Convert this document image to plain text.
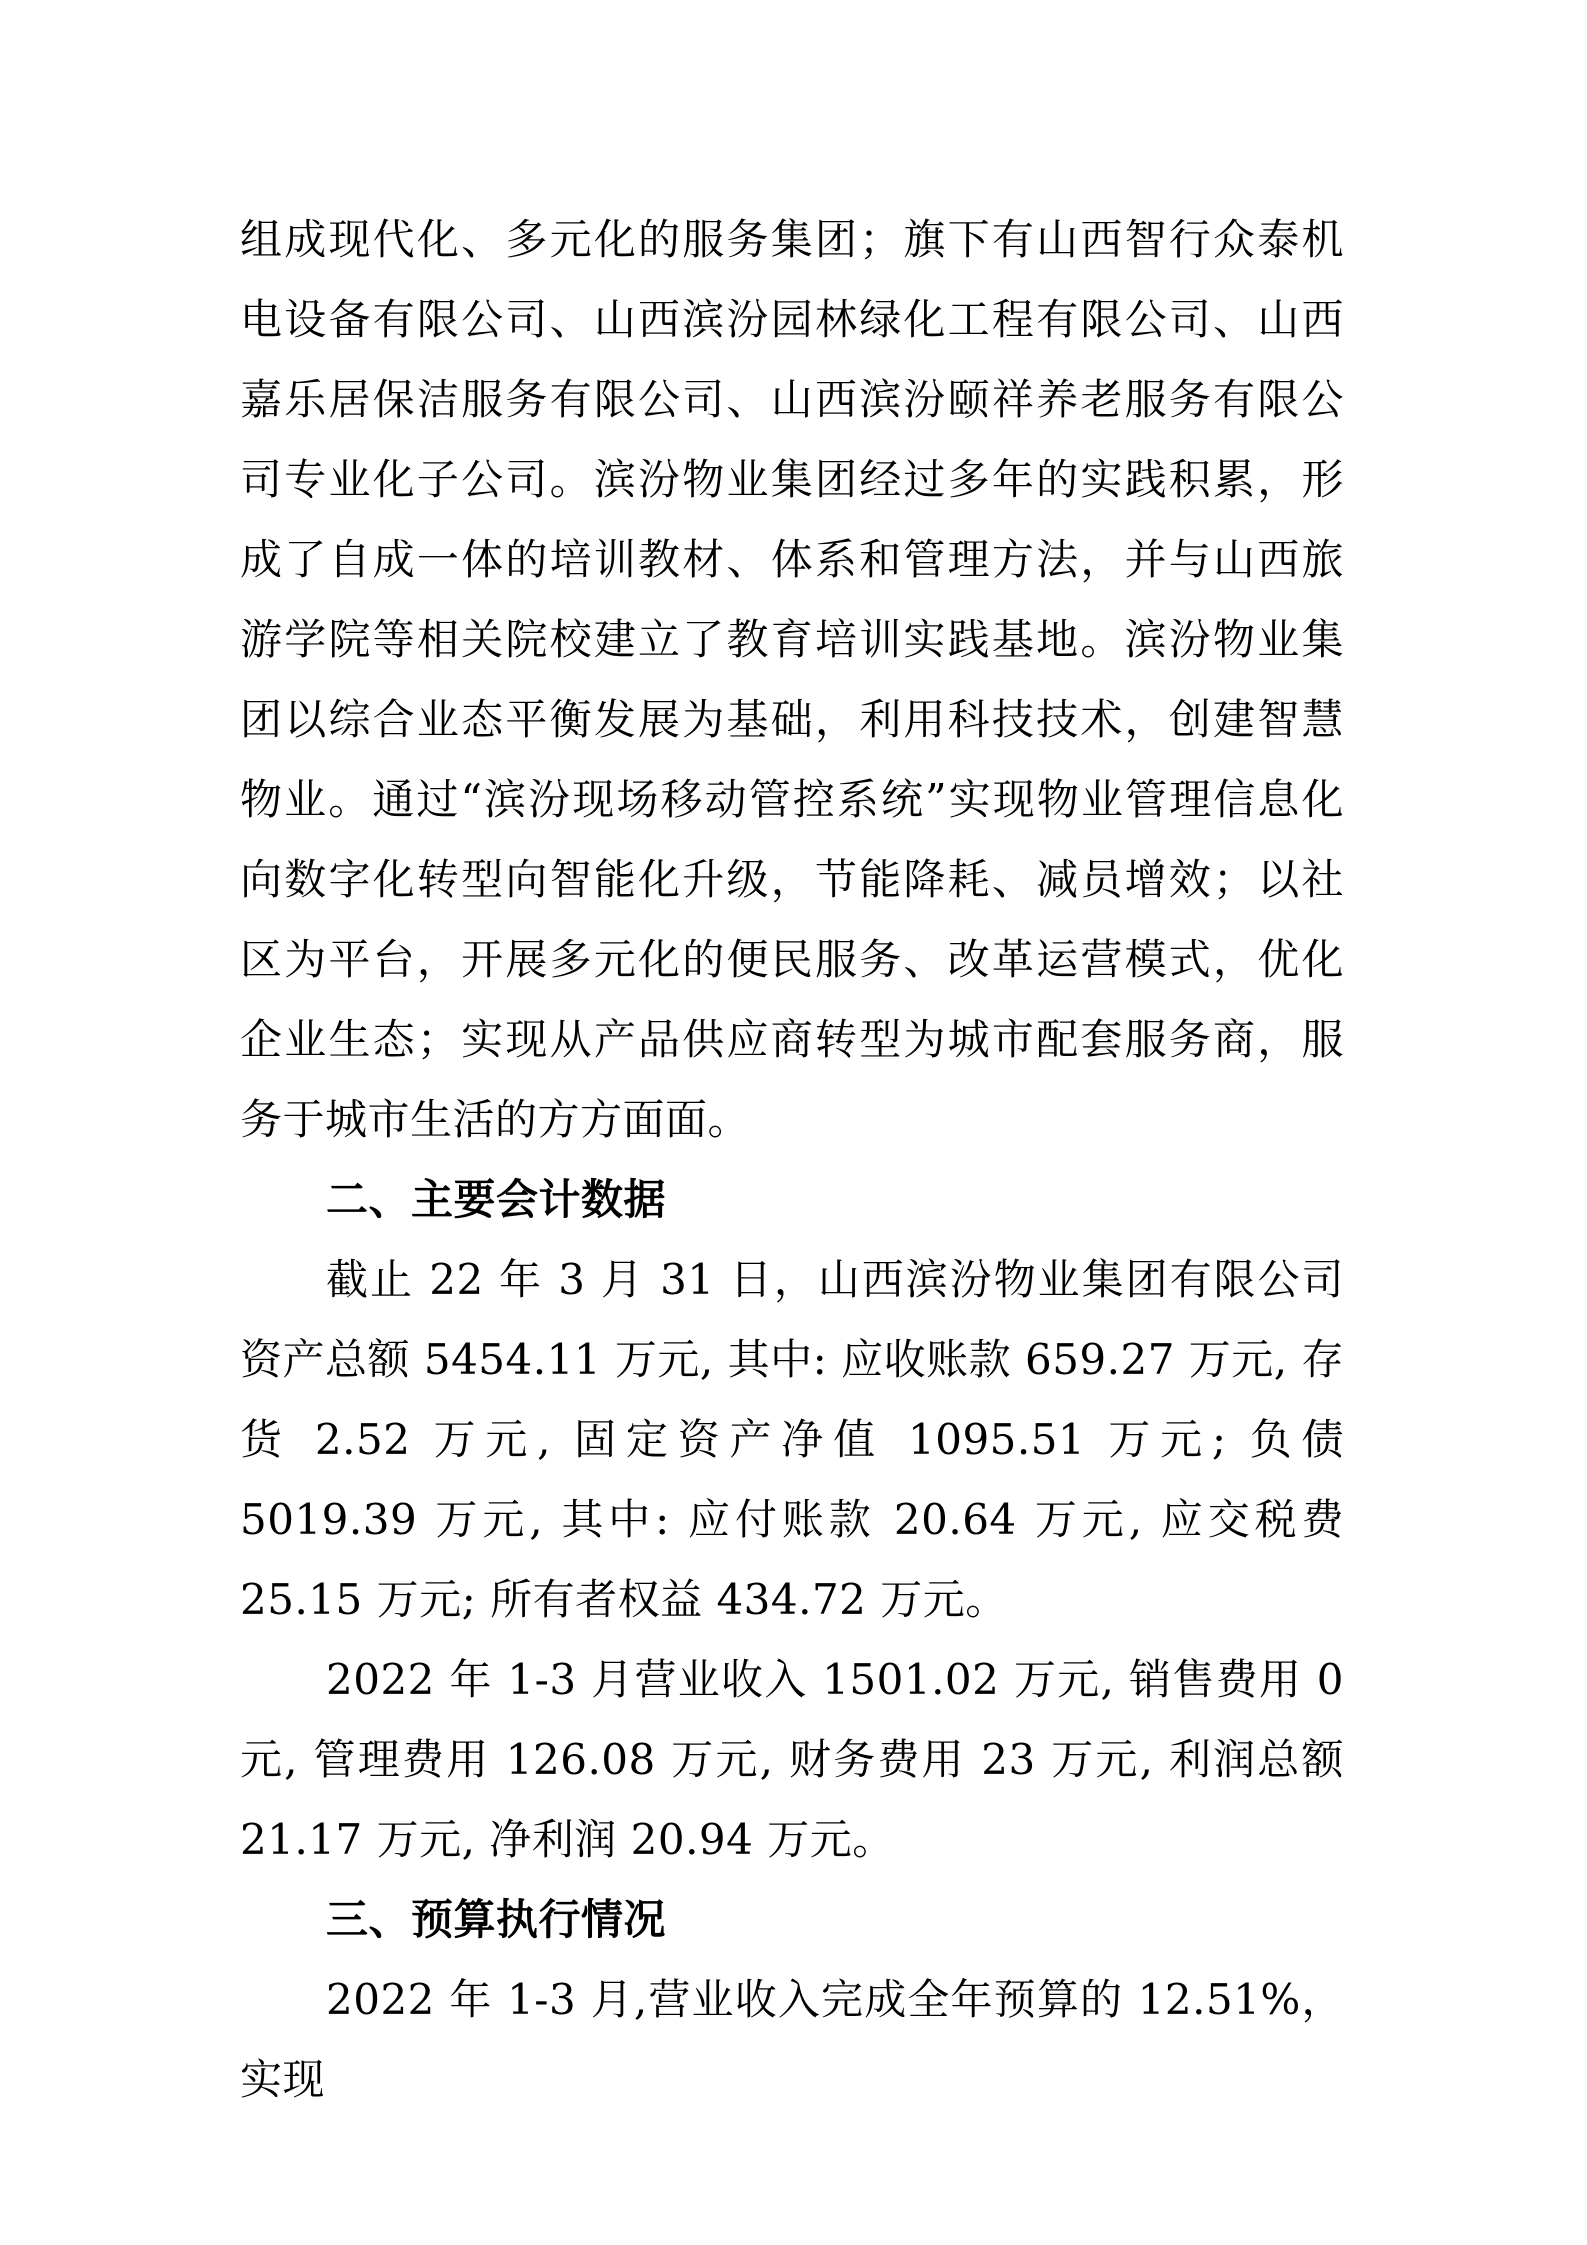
组成现代化、多元化的服务集团；旗下有山西智行众泰机电设备有限公司、山西滨汾园林绿化工程有限公司、山西嘉乐居保洁服务有限公司、山西滨汾颐祥养老服务有限公司专业化子公司。滨汾物业集团经过多年的实践积累，形成了自成一体的培训教材、体系和管理方法，并与山西旅游学院等相关院校建立了教育培训实践基地。滨汾物业集团以综合业态平衡发展为基础，利用科技技术，创建智慧物业。通过“滨汾现场移动管控系统”实现物业管理信息化向数字化转型向智能化升级，节能降耗、减员增效；以社区为平台，开展多元化的便民服务、改革运营模式，优化企业生态；实现从产品供应商转型为城市配套服务商，服务于城市生活的方方面面。

二、主要会计数据

截止 22 年 3 月 31 日，山西滨汾物业集团有限公司资产总额 5454.11 万元, 其中: 应收账款 659.27 万元, 存货 2.52 万元, 固定资产净值 1095.51 万元; 负债 5019.39 万元, 其中: 应付账款 20.64 万元, 应交税费 25.15 万元; 所有者权益 434.72 万元。

2022 年 1-3 月营业收入 1501.02 万元, 销售费用 0 元, 管理费用 126.08 万元, 财务费用 23 万元, 利润总额 21.17 万元, 净利润 20.94 万元。

三、预算执行情况

2022 年 1-3 月,营业收入完成全年预算的 12.51%，实现
